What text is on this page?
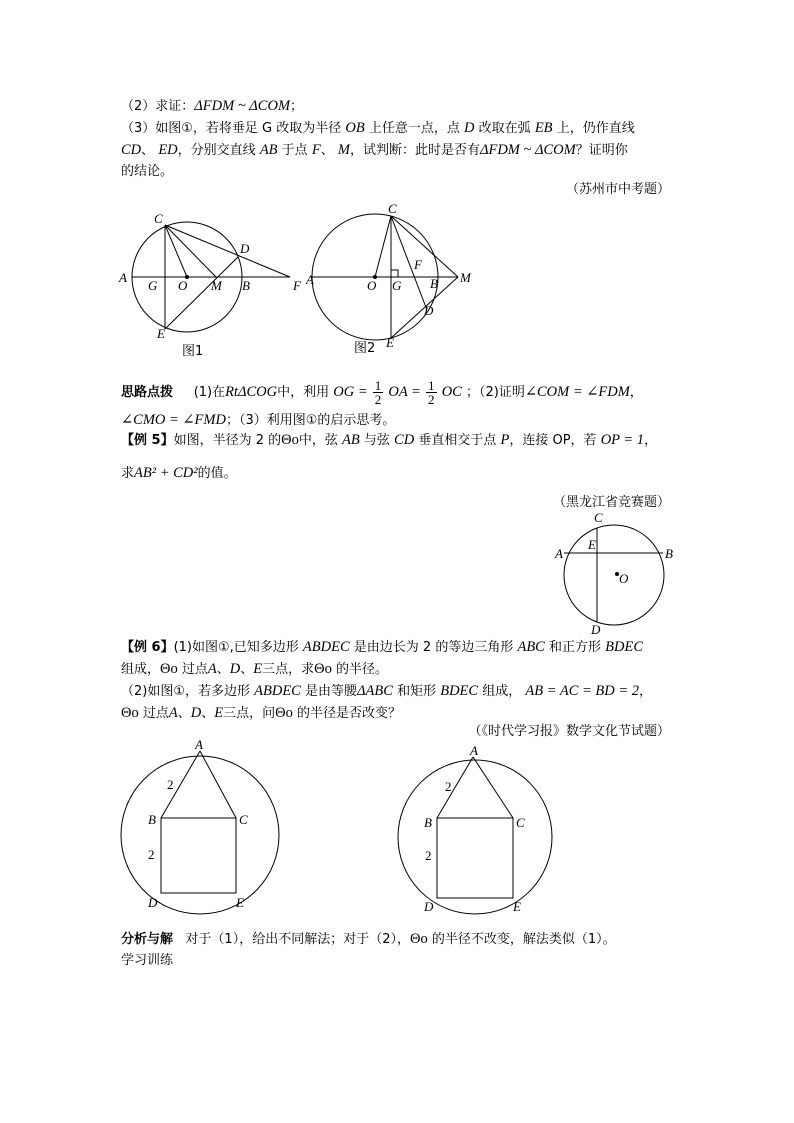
（2）求证：ΔFDM ~ ΔCOM；
（3）如图①，若将垂足 G 改取为半径 OB 上任意一点，点 D 改取在弧 EB 上，仍作直线
CD、 ED，分别交直线 AB 于点 F、 M，试判断：此时是否有ΔFDM ~ ΔCOM？证明你
的结论。
（苏州市中考题）
C
D
A
G O M B	F
E
图1
C
F
A	O G B M
D
E
图2
思路点拨 (1)在RtΔCOG中，利用 OG = $\frac{1}{2}$ OA = $\frac{1}{2}$ OC ；（2)证明∠COM = ∠FDM，
∠CMO = ∠FMD；（3）利用图①的启示思考。
【例 5】如图，半径为 2 的Θo中，弦 AB 与弦 CD 垂直相交于点 P，连接 OP，若 OP = 1，
求AB² + CD²的值。
（黑龙江省竞赛题）
C
A
E
B
O
D
【例 6】(1)如图①,已知多边形 ABDEC 是由边长为 2 的等边三角形 ABC 和正方形 BDEC
组成，Θo 过点A、D、E三点，求Θo 的半径。
（2)如图①，若多边形 ABDEC 是由等腰ΔABC 和矩形 BDEC 组成， AB = AC = BD = 2，
Θo 过点A、D、E三点，问Θo 的半径是否改变？
（《时代学习报》数学文化节试题）
A
2
B	C
2
D	E
A
2
B	C
2
D	E
分析与解 对于（1），给出不同解法；对于（2），Θo 的半径不改变，解法类似（1）。
学习训练
